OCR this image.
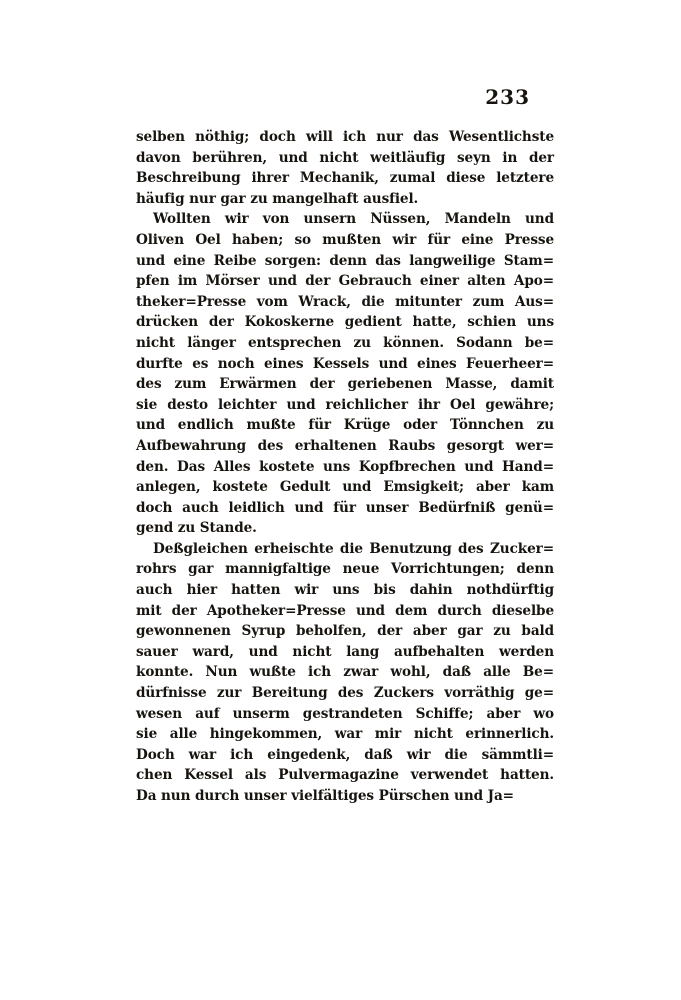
233
selben nöthig; doch will ich nur das Wesentlichste
davon berühren, und nicht weitläufig seyn in der
Beschreibung ihrer Mechanik, zumal diese letztere
häufig nur gar zu mangelhaft ausfiel.
Wollten wir von unsern Nüssen, Mandeln und
Oliven Oel haben; so mußten wir für eine Presse
und eine Reibe sorgen: denn das langweilige Stam=
pfen im Mörser und der Gebrauch einer alten Apo=
theker=Presse vom Wrack, die mitunter zum Aus=
drücken der Kokoskerne gedient hatte, schien uns
nicht länger entsprechen zu können. Sodann be=
durfte es noch eines Kessels und eines Feuerheer=
des zum Erwärmen der geriebenen Masse, damit
sie desto leichter und reichlicher ihr Oel gewähre;
und endlich mußte für Krüge oder Tönnchen zu
Aufbewahrung des erhaltenen Raubs gesorgt wer=
den. Das Alles kostete uns Kopfbrechen und Hand=
anlegen, kostete Gedult und Emsigkeit; aber kam
doch auch leidlich und für unser Bedürfniß genü=
gend zu Stande.
Deßgleichen erheischte die Benutzung des Zucker=
rohrs gar mannigfaltige neue Vorrichtungen; denn
auch hier hatten wir uns bis dahin nothdürftig
mit der Apotheker=Presse und dem durch dieselbe
gewonnenen Syrup beholfen, der aber gar zu bald
sauer ward, und nicht lang aufbehalten werden
konnte. Nun wußte ich zwar wohl, daß alle Be=
dürfnisse zur Bereitung des Zuckers vorräthig ge=
wesen auf unserm gestrandeten Schiffe; aber wo
sie alle hingekommen, war mir nicht erinnerlich.
Doch war ich eingedenk, daß wir die sämmtli=
chen Kessel als Pulvermagazine verwendet hatten.
Da nun durch unser vielfältiges Pürschen und Ja=
